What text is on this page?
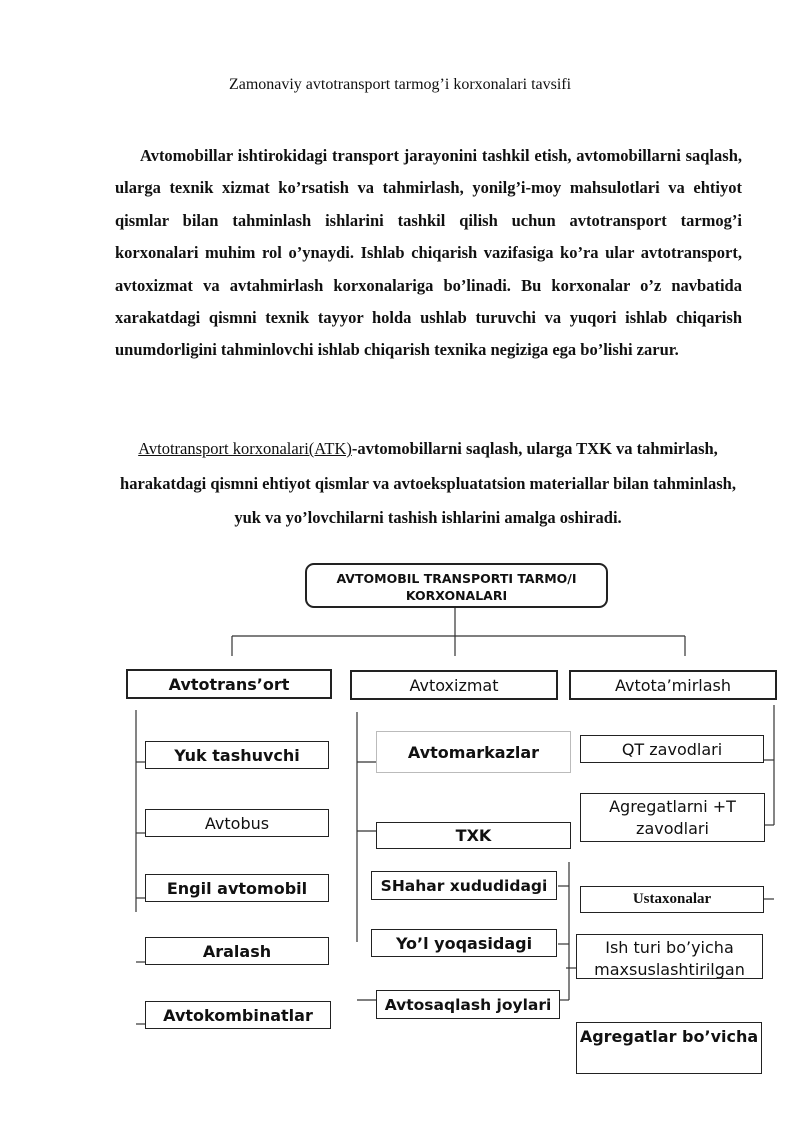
Zamonaviy avtotransport tarmog’i korxonalari tavsifi

Avtomobillar ishtirokidagi transport jarayonini tashkil etish, avtomobillarni saqlash, ularga texnik xizmat ko’rsatish va tahmirlash, yonilg’i-moy mahsulotlari va ehtiyot qismlar bilan tahminlash ishlarini tashkil qilish uchun avtotransport tarmog’i korxonalari muhim rol o’ynaydi. Ishlab chiqarish vazifasiga ko’ra ular avtotransport, avtoxizmat va avtahmirlash korxonalariga bo’linadi. Bu korxonalar o’z navbatida xarakatdagi qismni texnik tayyor holda ushlab turuvchi va yuqori ishlab chiqarish unumdorligini tahminlovchi ishlab chiqarish texnika negiziga ega bo’lishi zarur.

Avtotransport korxonalari(ATK)-avtomobillarni saqlash, ularga TXK va tahmirlash, harakatdagi qismni ehtiyot qismlar va avtoekspluatatsion materiallar bilan tahminlash, yuk va yo’lovchilarni tashish ishlarini amalga oshiradi.

AVTOMOBIL TRANSPORTI TARMO/I KORXONALARI
Avtotrans’ort	Avtoxizmat	Avtota’mirlash
Yuk tashuvchi
Avtobus
Engil avtomobil
Aralash
Avtokombinatlar
Avtomarkazlar
TXK
SHahar xududidagi
Yo’l yoqasidagi
Avtosaqlash joylari
QT zavodlari
Agregatlarni +T zavodlari
Ustaxonalar
Ish turi bo’yicha maxsuslashtirilgan
Agregatlar bo’vicha
